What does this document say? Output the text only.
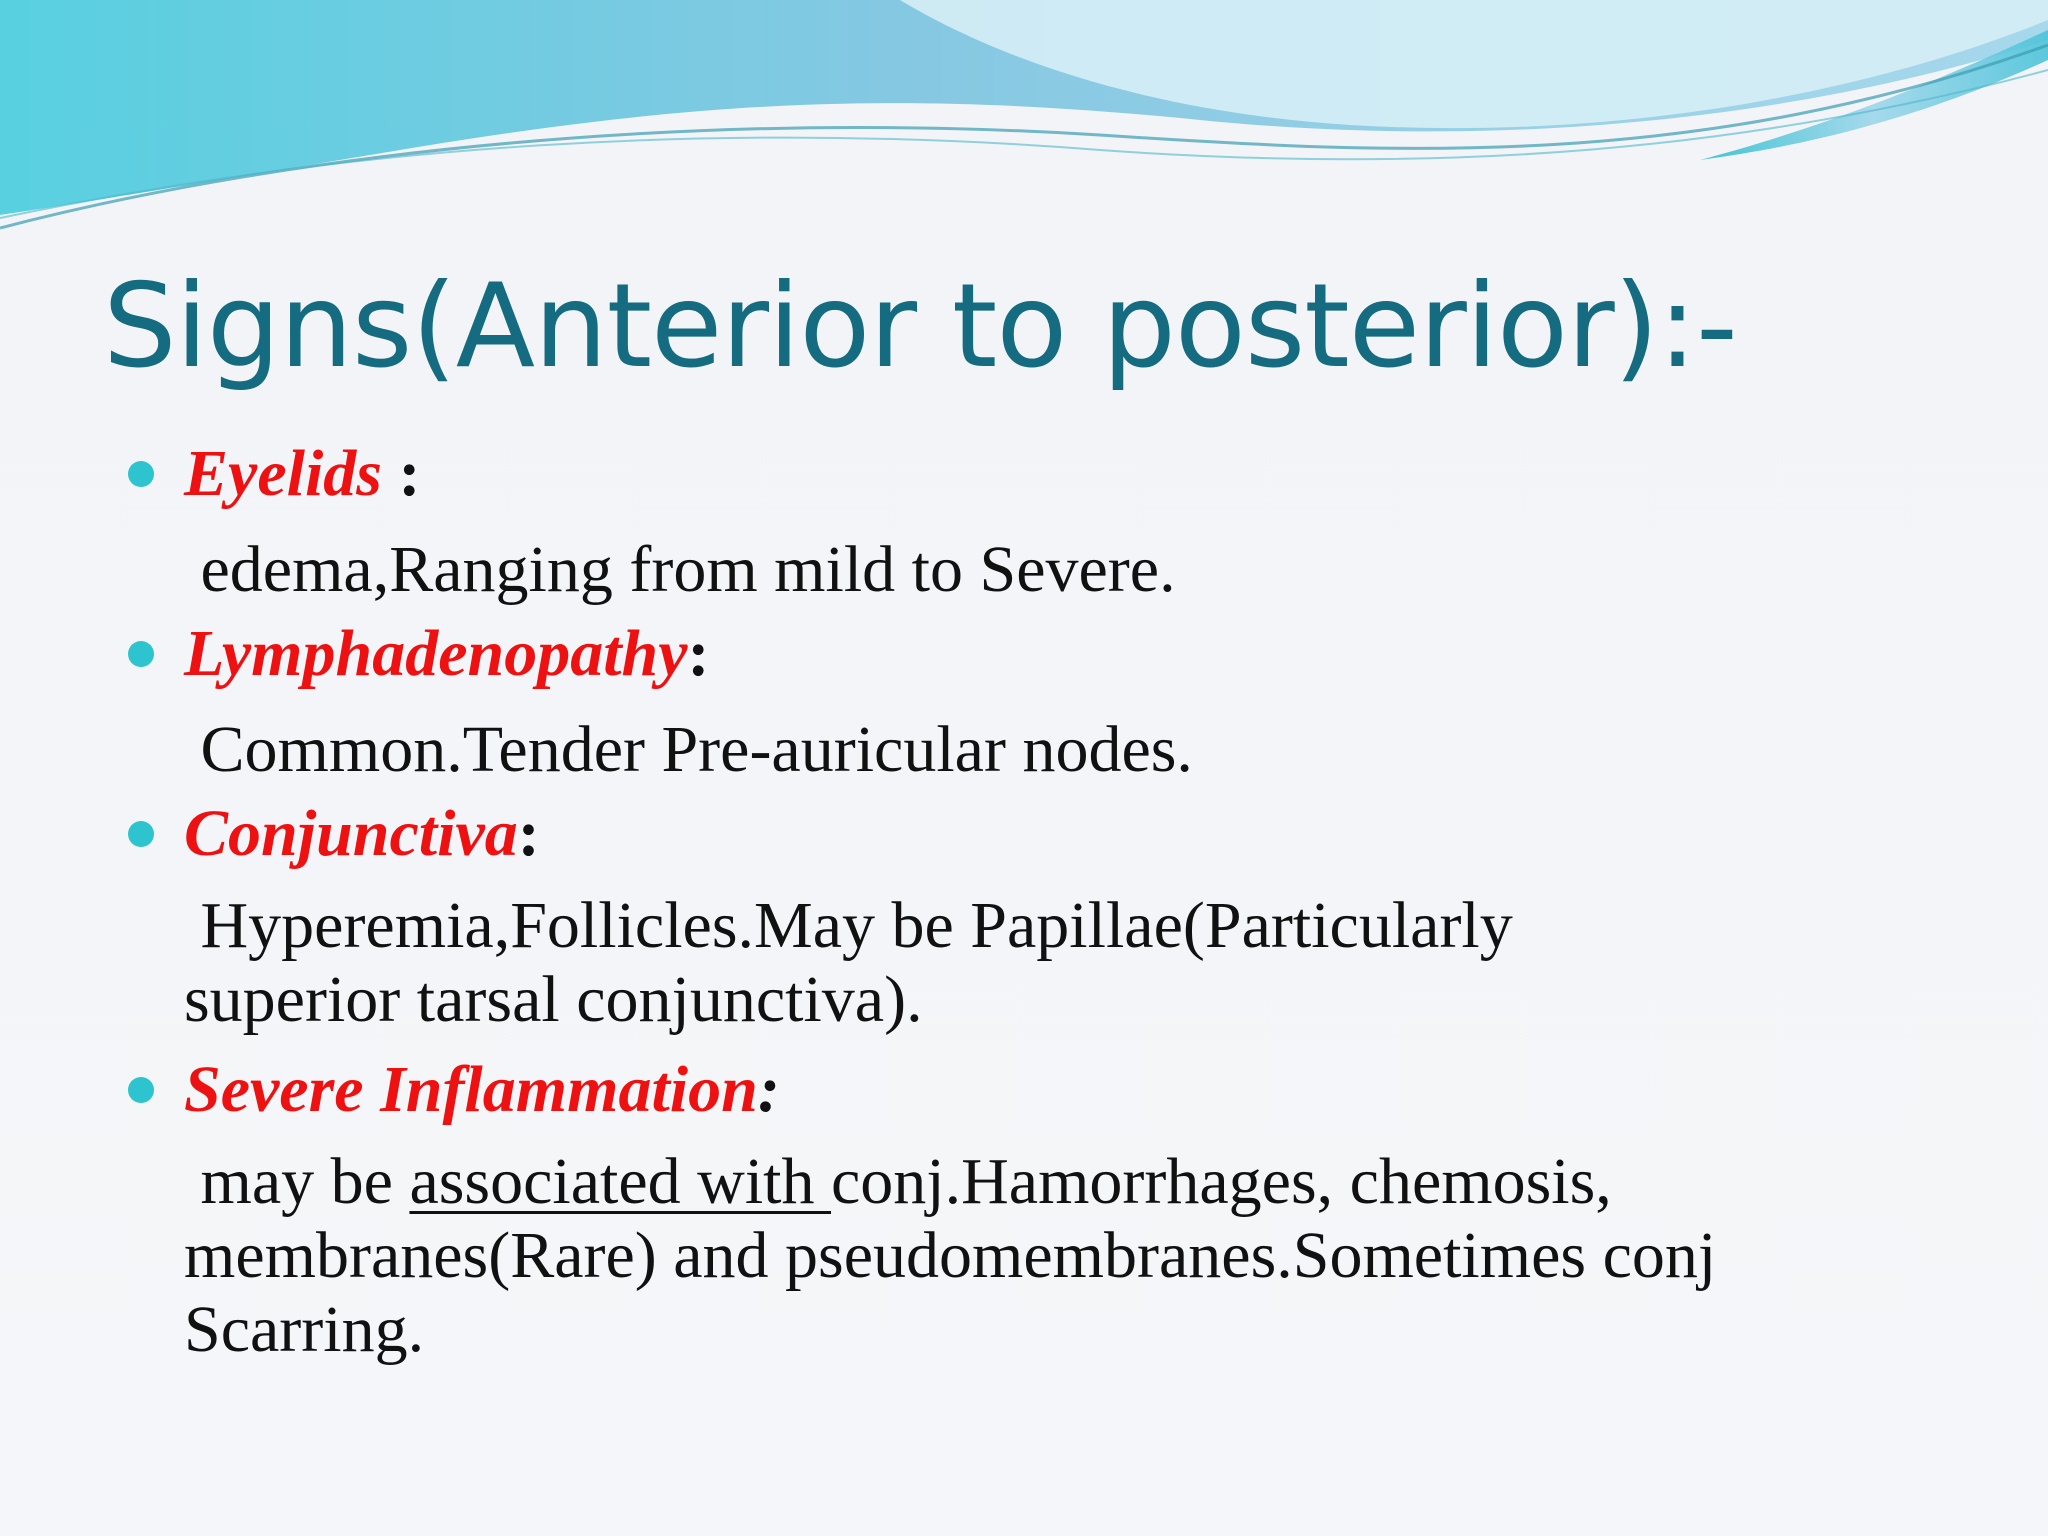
Signs(Anterior to posterior):-
Eyelids :
edema,Ranging from mild to Severe.
Lymphadenopathy:
Common.Tender Pre-auricular nodes.
Conjunctiva:
Hyperemia,Follicles.May be Papillae(Particularly
superior tarsal conjunctiva).
Severe Inflammation:
may be associated with conj.Hamorrhages, chemosis,
membranes(Rare) and pseudomembranes.Sometimes conj
Scarring.
